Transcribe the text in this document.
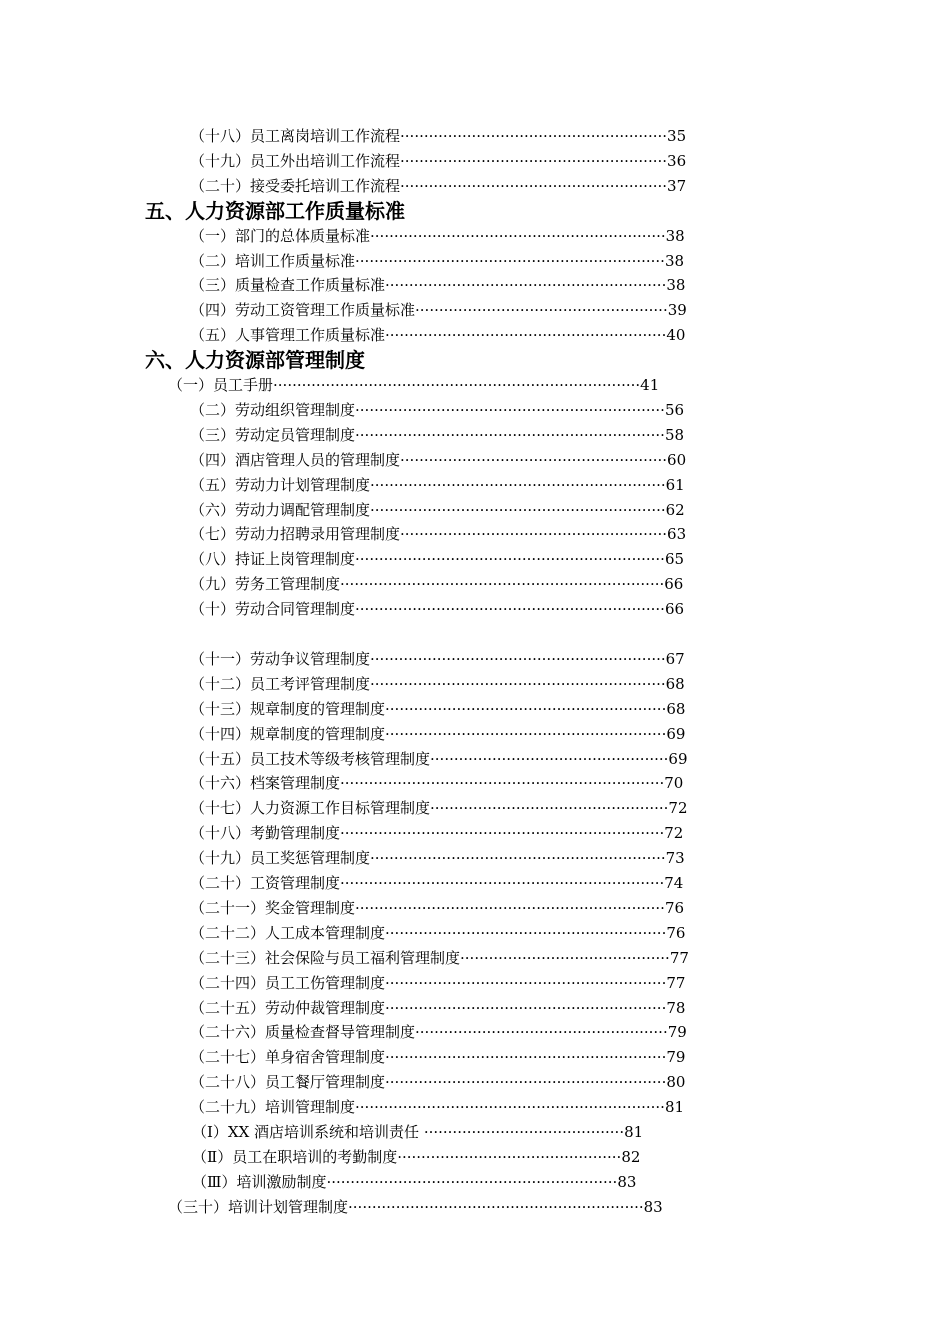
（十八）员工离岗培训工作流程························································35
（十九）员工外出培训工作流程························································36
（二十）接受委托培训工作流程························································37
五、人力资源部工作质量标准
（一）部门的总体质量标准······························································38
（二）培训工作质量标准·································································38
（三）质量检查工作质量标准···························································38
（四）劳动工资管理工作质量标准·····················································39
（五）人事管理工作质量标准···························································40
六、人力资源部管理制度
（一）员工手册·············································································41
（二）劳动组织管理制度·································································56
（三）劳动定员管理制度·································································58
（四）酒店管理人员的管理制度························································60
（五）劳动力计划管理制度······························································61
（六）劳动力调配管理制度······························································62
（七）劳动力招聘录用管理制度························································63
（八）持证上岗管理制度·································································65
（九）劳务工管理制度····································································66
（十）劳动合同管理制度·································································66
（十一）劳动争议管理制度······························································67
（十二）员工考评管理制度······························································68
（十三）规章制度的管理制度···························································68
（十四）规章制度的管理制度···························································69
（十五）员工技术等级考核管理制度··················································69
（十六）档案管理制度····································································70
（十七）人力资源工作目标管理制度··················································72
（十八）考勤管理制度····································································72
（十九）员工奖惩管理制度······························································73
（二十）工资管理制度····································································74
（二十一）奖金管理制度·································································76
（二十二）人工成本管理制度···························································76
（二十三）社会保险与员工福利管理制度············································77
（二十四）员工工伤管理制度···························································77
（二十五）劳动仲裁管理制度···························································78
（二十六）质量检查督导管理制度·····················································79
（二十七）单身宿舍管理制度···························································79
（二十八）员工餐厅管理制度···························································80
（二十九）培训管理制度·································································81
（Ⅰ）XX 酒店培训系统和培训责任 ··········································81
（Ⅱ）员工在职培训的考勤制度···············································82
（Ⅲ）培训激励制度·····························································83
（三十）培训计划管理制度······························································83
